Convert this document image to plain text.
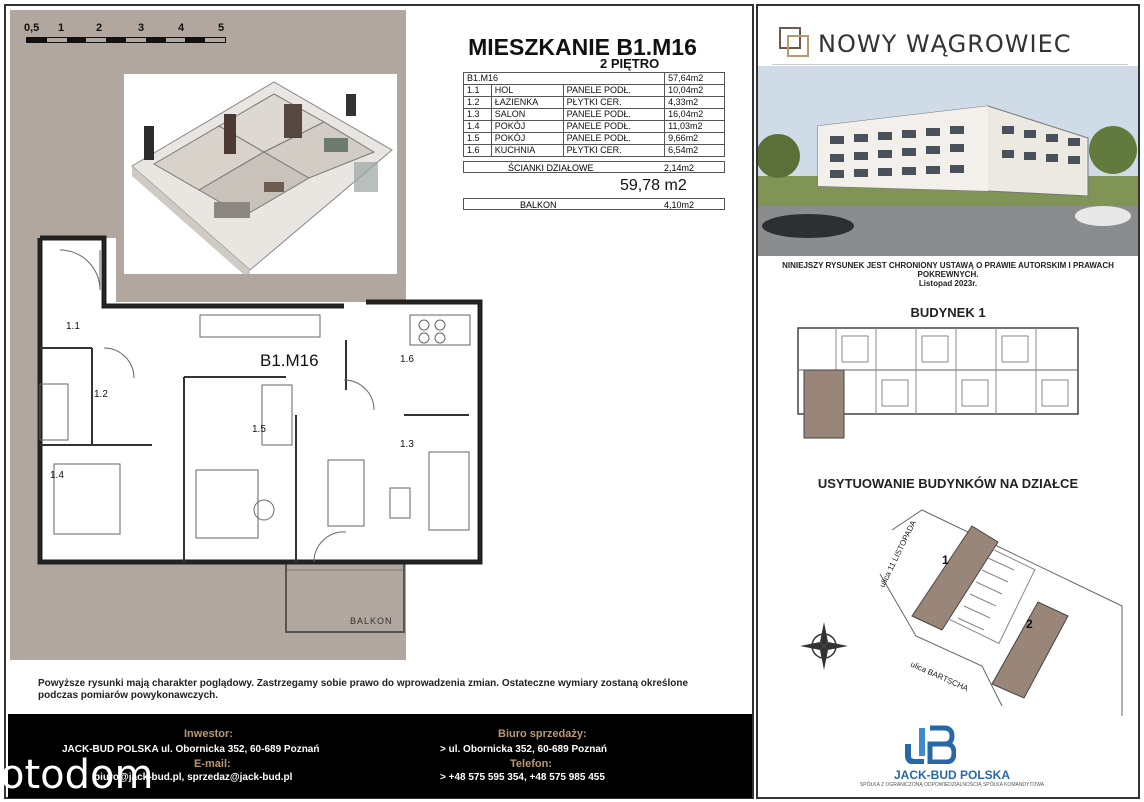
0,5 1	2	3	4	5
MIESZKANIE B1.M16
2 PIĘTRO
B1.M16			57,64m2
1.1	HOL	PANELE PODŁ.	10,04m2
1.2	ŁAZIENKA	PŁYTKI CER.	4,33m2
1.3	SALON	PANELE PODŁ.	16,04m2
1.4	POKÓJ	PANELE PODŁ.	11,03m2
1.5	POKÓJ	PANELE PODŁ.	9,66m2
1.6	KUCHNIA	PŁYTKI CER.	6,54m2
ŚCIANKI DZIAŁOWE	2,14m2
59,78 m2
BALKON	4,10m2
1.1
1.2
1.3
1.4
1.5
1.6
B1.M16
BALKON
Powyższe rysunki mają charakter poglądowy. Zastrzegamy sobie prawo do wprowadzenia zmian. Ostateczne wymiary zostaną określone podczas pomiarów powykonawczych.
Inwestor:
JACK-BUD POLSKA ul. Obornicka 352, 60-689 Poznań
E-mail:
biuro@jack-bud.pl, sprzedaz@jack-bud.pl
Biuro sprzedaży:
> ul. Obornicka 352, 60-689 Poznań
Telefon:
> +48 575 595 354, +48 575 985 455
otodom
NOWY WĄGROWIEC
NINIEJSZY RYSUNEK JEST CHRONIONY USTAWĄ O PRAWIE AUTORSKIM I PRAWACH POKREWNYCH.
Listopad 2023r.
BUDYNEK 1
USYTUOWANIE BUDYNKÓW NA DZIAŁCE
1
2
ulica 11 LISTOPADA
ulica BARTSCHA
JACK-BUD POLSKA
SPÓŁKA Z OGRANICZONĄ ODPOWIEDZIALNOŚCIĄ SPÓŁKA KOMANDYTOWA
